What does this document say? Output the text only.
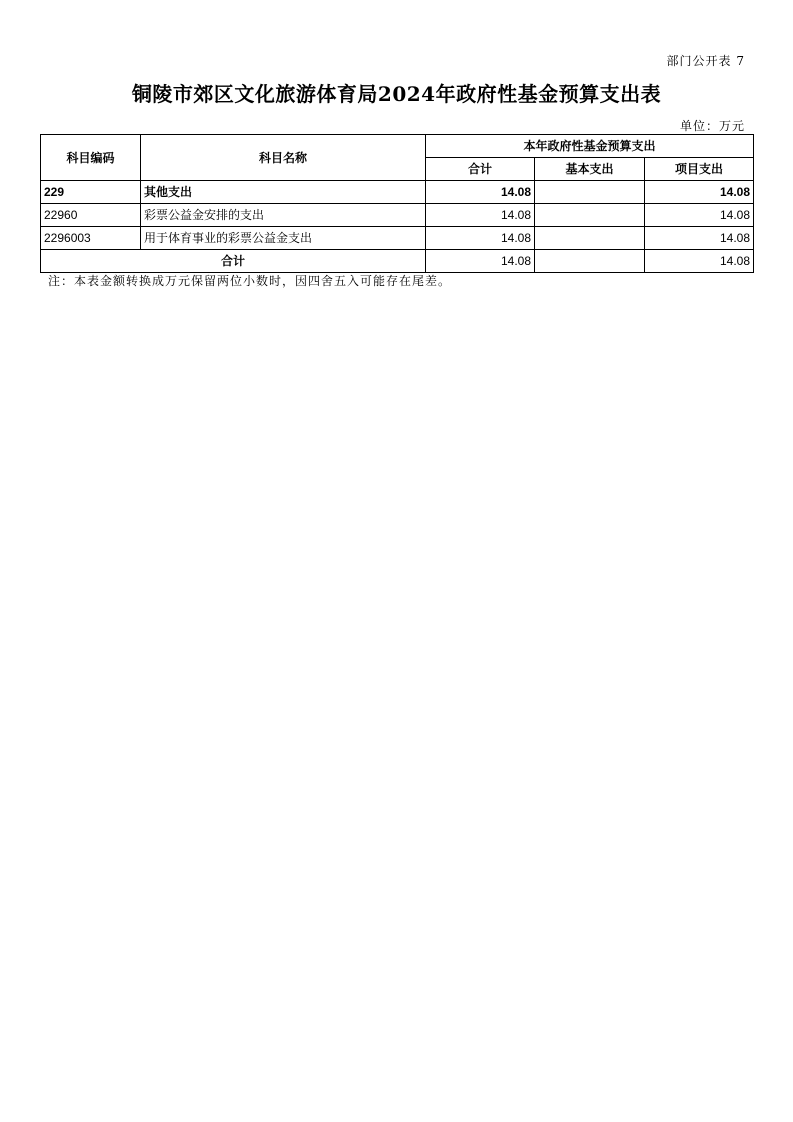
部门公开表 7
铜陵市郊区文化旅游体育局2024年政府性基金预算支出表
单位：万元
科目编码	科目名称	本年政府性基金预算支出		
		合计	基本支出	项目支出
229	其他支出	14.08		14.08
22960	彩票公益金安排的支出	14.08		14.08
2296003	用于体育事业的彩票公益金支出	14.08		14.08
合计		14.08		14.08
注：本表金额转换成万元保留两位小数时，因四舍五入可能存在尾差。
